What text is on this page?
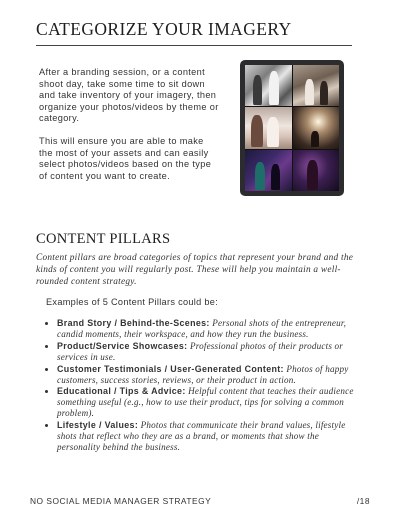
CATEGORIZE YOUR IMAGERY

After a branding session, or a content shoot day, take some time to sit down and take inventory of your imagery, then organize your photos/videos by theme or category.

This will ensure you are able to make the most of your assets and can easily select photos/videos based on the type of content you want to create.

CONTENT PILLARS
Content pillars are broad categories of topics that represent your brand and the kinds of content you will regularly post. These will help you maintain a well-rounded content strategy.
Examples of 5 Content Pillars could be:
• Brand Story / Behind-the-Scenes: Personal shots of the entrepreneur, candid moments, their workspace, and how they run the business.
• Product/Service Showcases: Professional photos of their products or services in use.
• Customer Testimonials / User-Generated Content: Photos of happy customers, success stories, reviews, or their product in action.
• Educational / Tips & Advice: Helpful content that teaches their audience something useful (e.g., how to use their product, tips for solving a common problem).
• Lifestyle / Values: Photos that communicate their brand values, lifestyle shots that reflect who they are as a brand, or moments that show the personality behind the business.
NO SOCIAL MEDIA MANAGER STRATEGY	/18
